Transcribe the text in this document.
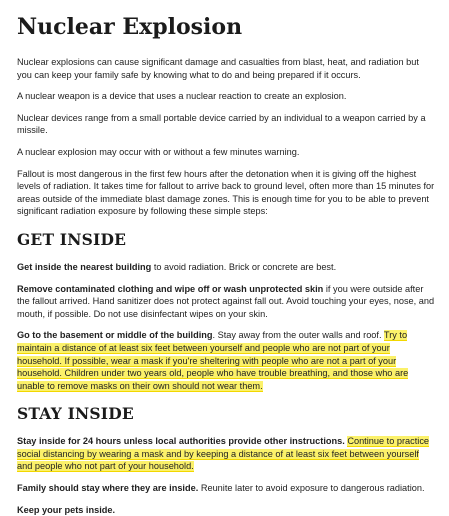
Nuclear Explosion

Nuclear explosions can cause significant damage and casualties from blast, heat, and radiation but you can keep your family safe by knowing what to do and being prepared if it occurs.

A nuclear weapon is a device that uses a nuclear reaction to create an explosion.

Nuclear devices range from a small portable device carried by an individual to a weapon carried by a missile.

A nuclear explosion may occur with or without a few minutes warning.

Fallout is most dangerous in the first few hours after the detonation when it is giving off the highest levels of radiation. It takes time for fallout to arrive back to ground level, often more than 15 minutes for areas outside of the immediate blast damage zones. This is enough time for you to be able to prevent significant radiation exposure by following these simple steps:

GET INSIDE

Get inside the nearest building to avoid radiation. Brick or concrete are best.

Remove contaminated clothing and wipe off or wash unprotected skin if you were outside after the fallout arrived. Hand sanitizer does not protect against fall out. Avoid touching your eyes, nose, and mouth, if possible. Do not use disinfectant wipes on your skin.

Go to the basement or middle of the building. Stay away from the outer walls and roof. Try to maintain a distance of at least six feet between yourself and people who are not part of your household. If possible, wear a mask if you're sheltering with people who are not a part of your household. Children under two years old, people who have trouble breathing, and those who are unable to remove masks on their own should not wear them.

STAY INSIDE

Stay inside for 24 hours unless local authorities provide other instructions. Continue to practice social distancing by wearing a mask and by keeping a distance of at least six feet between yourself and people who not part of your household.

Family should stay where they are inside. Reunite later to avoid exposure to dangerous radiation.

Keep your pets inside.
